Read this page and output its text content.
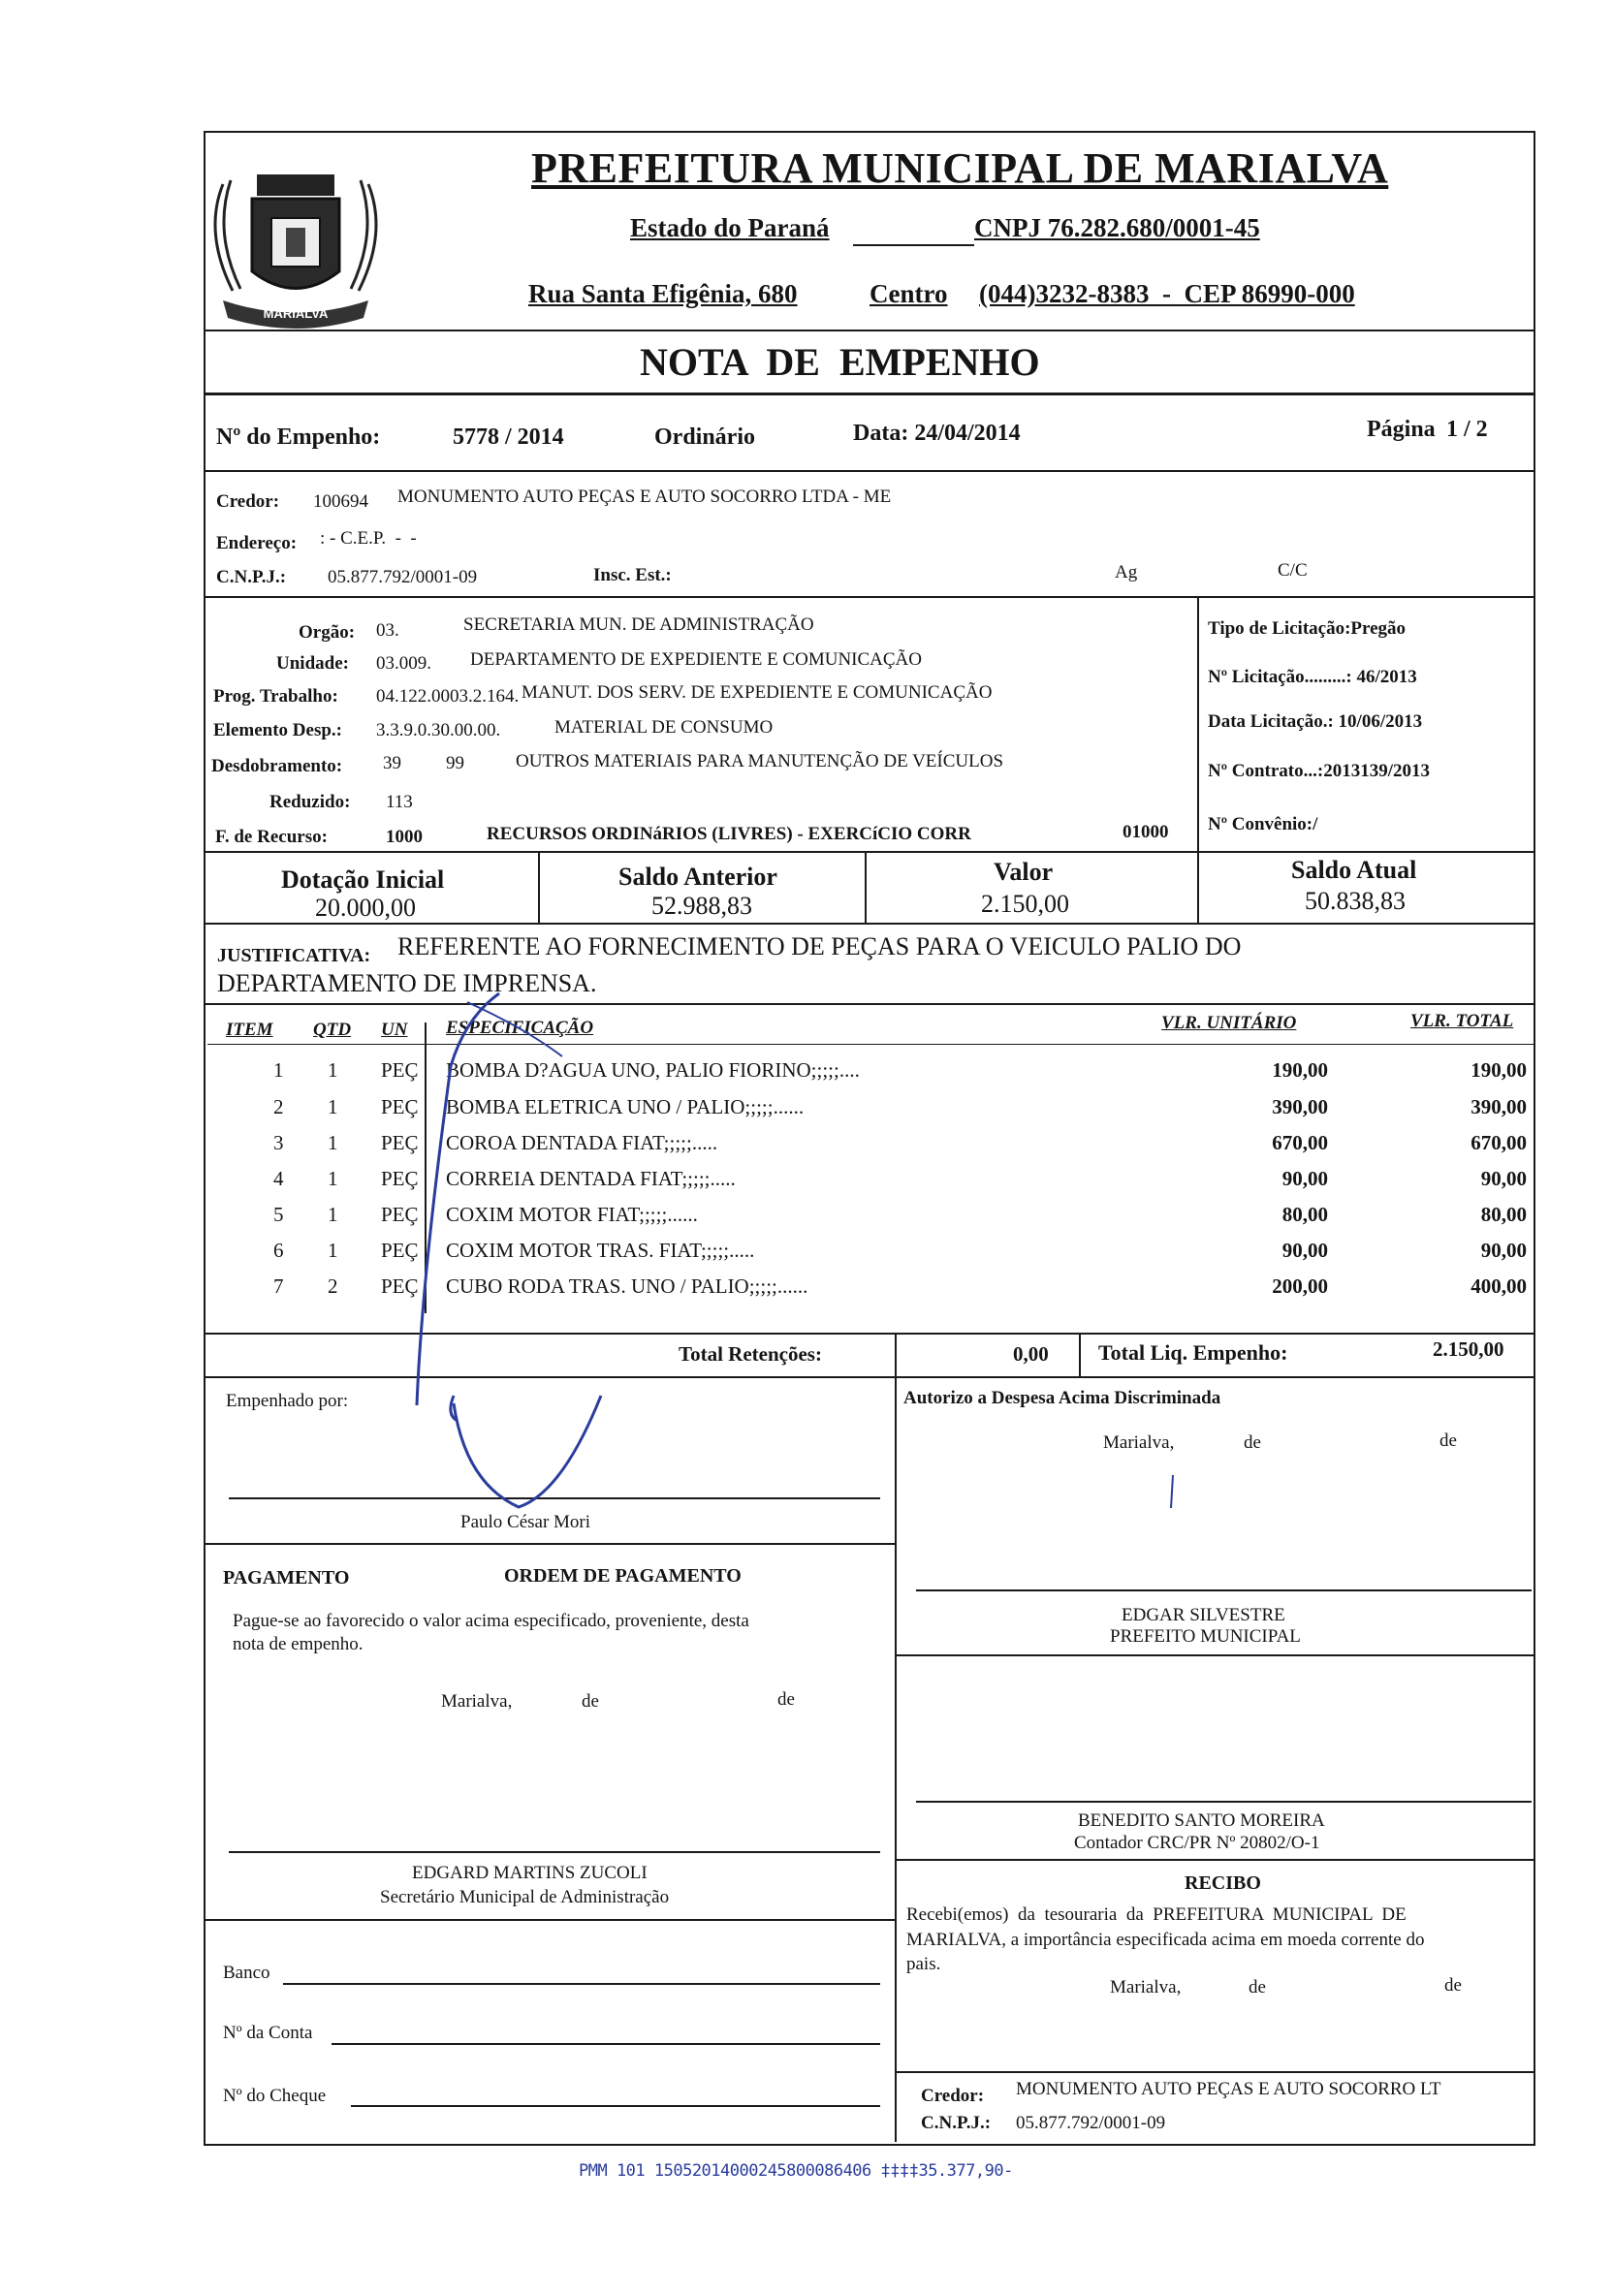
MARIALVA
PREFEITURA MUNICIPAL DE MARIALVA
Estado do Paraná	CNPJ 76.282.680/0001-45
Rua Santa Efigênia, 680	Centro (044)3232-8383  -  CEP 86990-000
NOTA  DE  EMPENHO
Nº do Empenho:	5778 / 2014	Ordinário	Data: 24/04/2014	Página 1 / 2
Credor: 100694 MONUMENTO AUTO PEÇAS E AUTO SOCORRO LTDA - ME
Endereço: : - C.E.P.  -  -
C.N.P.J.: 05.877.792/0001-09	Insc. Est.:	Ag	C/C
Orgão: 03.	SECRETARIA MUN. DE ADMINISTRAÇÃO
Unidade: 03.009. DEPARTAMENTO DE EXPEDIENTE E COMUNICAÇÃO
Prog. Trabalho: 04.122.0003.2.164. MANUT. DOS SERV. DE EXPEDIENTE E COMUNICAÇÃO
Elemento Desp.: 3.3.9.0.30.00.00.	MATERIAL DE CONSUMO
Desdobramento: 39 99	OUTROS MATERIAIS PARA MANUTENÇÃO DE VEÍCULOS
Reduzido: 113
F. de Recurso:	1000	RECURSOS ORDINáRIOS (LIVRES) - EXERCíCIO CORR	01000
Tipo de Licitação:Pregão
Nº Licitação.........: 46/2013
Data Licitação.: 10/06/2013
Nº Contrato...:2013139/2013
Nº Convênio:/
Dotação Inicial
20.000,00
Saldo Anterior
52.988,83
Valor
2.150,00
Saldo Atual
50.838,83
JUSTIFICATIVA: REFERENTE AO FORNECIMENTO DE PEÇAS PARA O VEICULO PALIO DO
DEPARTAMENTO DE IMPRENSA.
ITEM QTD UN ESPECIFICAÇÃO	VLR. UNITÁRIO	VLR. TOTAL
1 1 PEÇ BOMBA D?AGUA UNO, PALIO FIORINO;;;;;....	190,00	190,00
2 1 PEÇ BOMBA ELETRICA UNO / PALIO;;;;;......	390,00	390,00
3 1 PEÇ COROA DENTADA FIAT;;;;;.....	670,00	670,00
4 1 PEÇ CORREIA DENTADA FIAT;;;;;.....	90,00	90,00
5 1 PEÇ COXIM MOTOR FIAT;;;;;......	80,00	80,00
6 1 PEÇ COXIM MOTOR TRAS. FIAT;;;;;.....	90,00	90,00
7 2 PEÇ CUBO RODA TRAS. UNO / PALIO;;;;;......	200,00	400,00
Total Retenções:	0,00 Total Liq. Empenho:	2.150,00
Empenhado por:
Paulo César Mori
Autorizo a Despesa Acima Discriminada
Marialva,	de	de
EDGAR SILVESTRE
PREFEITO MUNICIPAL
PAGAMENTO	ORDEM DE PAGAMENTO
Pague-se ao favorecido o valor acima especificado, proveniente, desta
nota de empenho.
Marialva,	de	de
BENEDITO SANTO MOREIRA
Contador CRC/PR Nº 20802/O-1
EDGARD MARTINS ZUCOLI
Secretário Municipal de Administração
RECIBO
Recebi(emos)  da  tesouraria  da  PREFEITURA  MUNICIPAL  DE
MARIALVA, a importância especificada acima em moeda corrente do
pais.
Marialva,	de	de
Banco
Nº da Conta
Nº do Cheque	Credor: MONUMENTO AUTO PEÇAS E AUTO SOCORRO LT
C.N.P.J.: 05.877.792/0001-09
PMM 101 15052014000245800086406 ‡‡‡‡35.377,90-
